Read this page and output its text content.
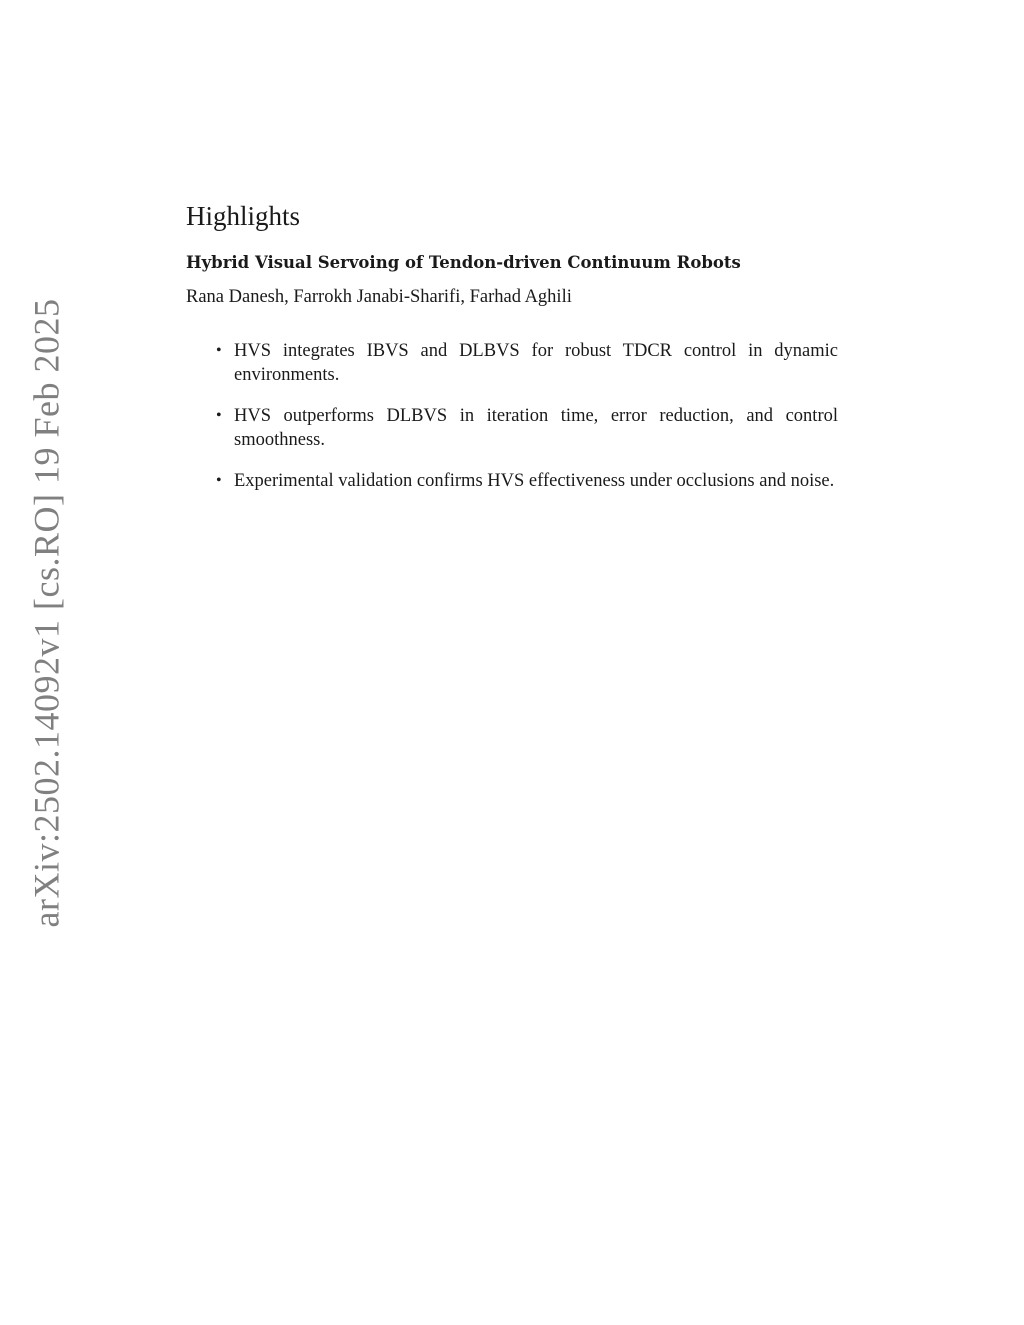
arXiv:2502.14092v1 [cs.RO] 19 Feb 2025
Highlights
Hybrid Visual Servoing of Tendon-driven Continuum Robots
Rana Danesh, Farrokh Janabi-Sharifi, Farhad Aghili
• HVS integrates IBVS and DLBVS for robust TDCR control in dynamic environments.
• HVS outperforms DLBVS in iteration time, error reduction, and control smoothness.
• Experimental validation confirms HVS effectiveness under occlusions and noise.
